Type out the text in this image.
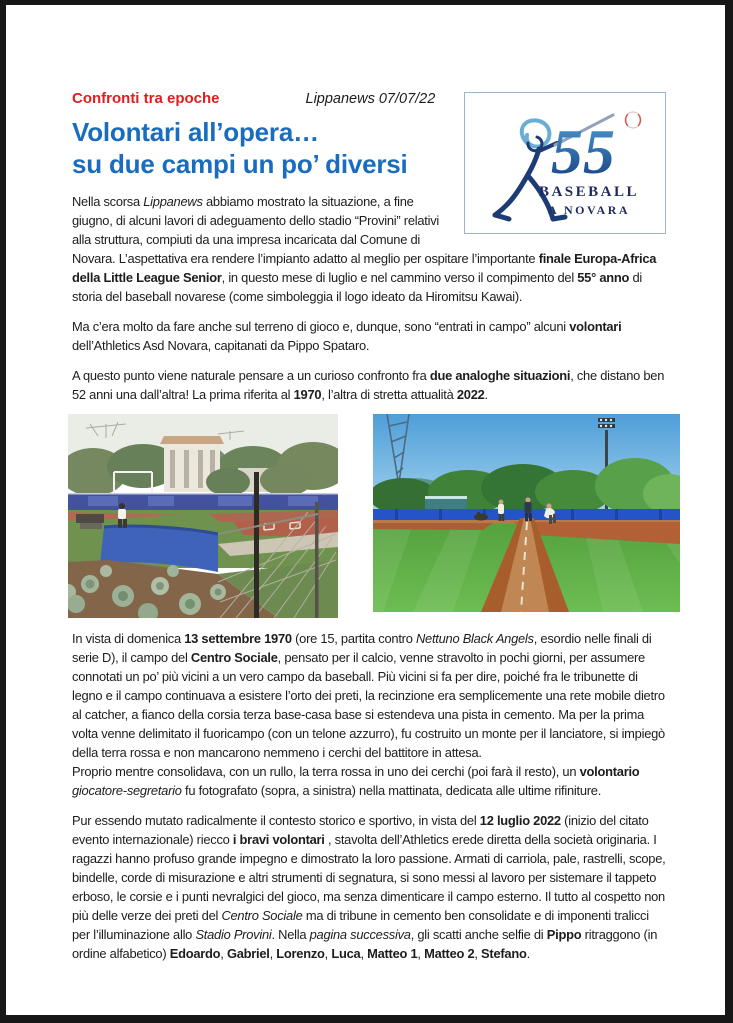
55
BASEBALL
A NOVARA
Confronti tra epoche	Lippanews 07/07/22
Volontari all’opera…
su due campi un po’ diversi

Nella scorsa Lippanews abbiamo mostrato la situazione, a fine giugno, di alcuni lavori di adeguamento dello stadio “Provini” relativi alla struttura, compiuti da una impresa incaricata dal Comune di Novara. L’aspettativa era rendere l’impianto adatto al meglio per ospitare l’importante finale Europa-Africa della Little League Senior, in questo mese di luglio e nel cammino verso il compimento del 55° anno di storia del baseball novarese (come simboleggia il logo ideato da Hiromitsu Kawai).

Ma c’era molto da fare anche sul terreno di gioco e, dunque, sono “entrati in campo” alcuni volontari dell’Athletics Asd Novara, capitanati da Pippo Spataro.

A questo punto viene naturale pensare a un curioso confronto fra due analoghe situazioni, che distano ben 52 anni una dall’altra! La prima riferita al 1970, l’altra di stretta attualità 2022.

In vista di domenica 13 settembre 1970 (ore 15, partita contro Nettuno Black Angels, esordio nelle finali di serie D), il campo del Centro Sociale, pensato per il calcio, venne stravolto in pochi giorni, per assumere connotati un po’ più vicini a un vero campo da baseball. Più vicini si fa per dire, poiché fra le tribunette di legno e il campo continuava a esistere l’orto dei preti, la recinzione era semplicemente una rete mobile dietro al catcher, a fianco della corsia terza base-casa base si estendeva una pista in cemento. Ma per la prima volta venne delimitato il fuoricampo (con un telone azzurro), fu costruito un monte per il lanciatore, si impiegò della terra rossa e non mancarono nemmeno i cerchi del battitore in attesa.
Proprio mentre consolidava, con un rullo, la terra rossa in uno dei cerchi (poi farà il resto), un volontario giocatore-segretario fu fotografato (sopra, a sinistra) nella mattinata, dedicata alle ultime rifiniture.

Pur essendo mutato radicalmente il contesto storico e sportivo, in vista del 12 luglio 2022 (inizio del citato evento internazionale) riecco i bravi volontari , stavolta dell’Athletics erede diretta della società originaria. I ragazzi hanno profuso grande impegno e dimostrato la loro passione. Armati di carriola, pale, rastrelli, scope, bindelle, corde di misurazione e altri strumenti di segnatura, si sono messi al lavoro per sistemare il tappeto erboso, le corsie e i punti nevralgici del gioco, ma senza dimenticare il campo esterno. Il tutto al cospetto non più delle verze dei preti del Centro Sociale ma di tribune in cemento ben consolidate e di imponenti tralicci per l’illuminazione allo Stadio Provini. Nella pagina successiva, gli scatti anche selfie di Pippo ritraggono (in ordine alfabetico) Edoardo, Gabriel, Lorenzo, Luca, Matteo 1, Matteo 2, Stefano.
